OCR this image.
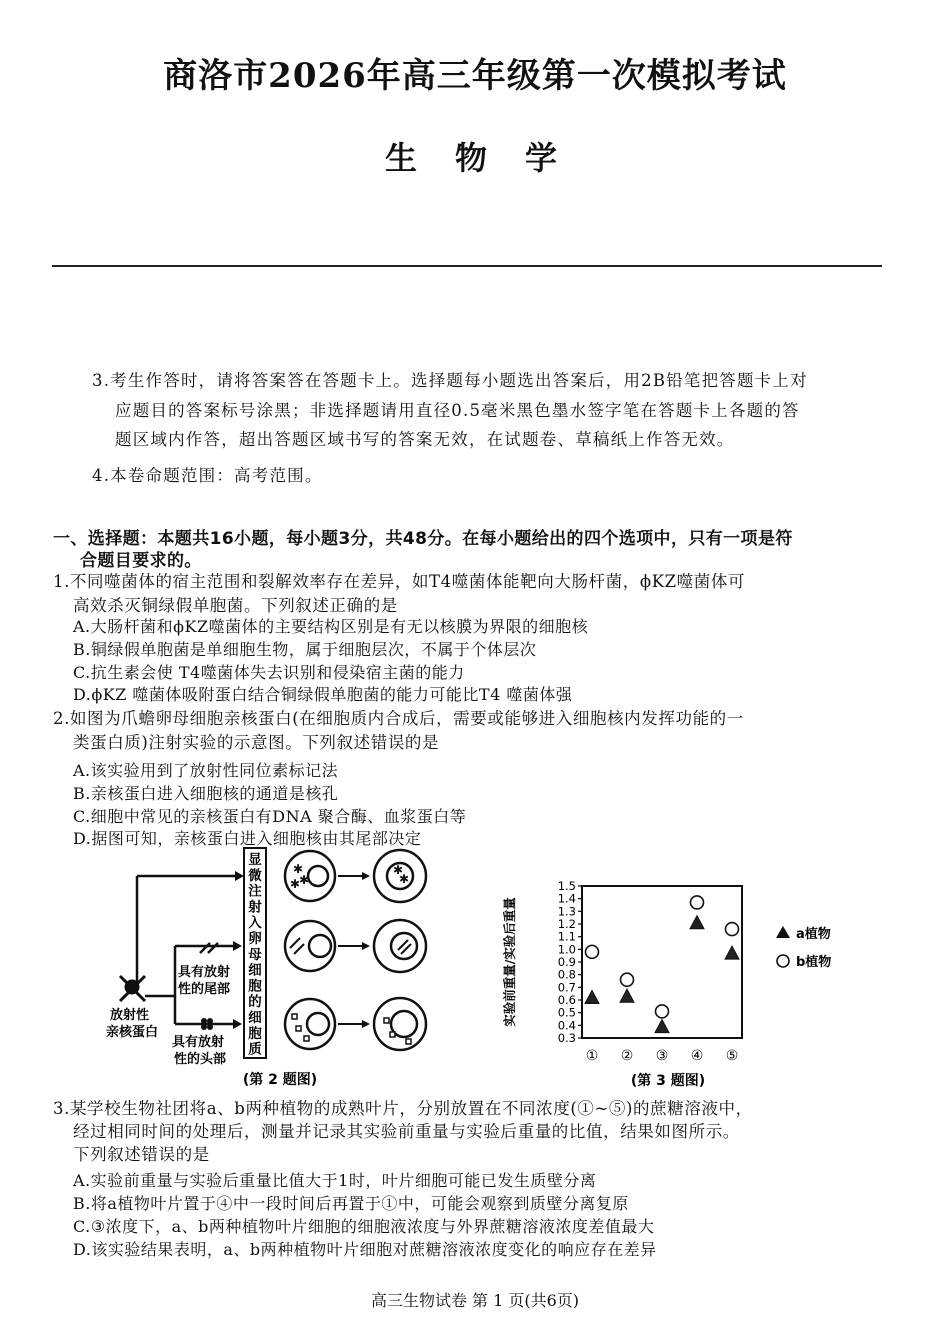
商洛市2026年高三年级第一次模拟考试
生物学
3.考生作答时，请将答案答在答题卡上。选择题每小题选出答案后，用2B铅笔把答题卡上对
应题目的答案标号涂黑；非选择题请用直径0.5毫米黑色墨水签字笔在答题卡上各题的答
题区域内作答，超出答题区域书写的答案无效，在试题卷、草稿纸上作答无效。
4.本卷命题范围：高考范围。
一、选择题：本题共16小题，每小题3分，共48分。在每小题给出的四个选项中，只有一项是符
合题目要求的。
1.不同噬菌体的宿主范围和裂解效率存在差异，如T4噬菌体能靶向大肠杆菌，ϕKZ噬菌体可
高效杀灭铜绿假单胞菌。下列叙述正确的是
A.大肠杆菌和ϕKZ噬菌体的主要结构区别是有无以核膜为界限的细胞核
B.铜绿假单胞菌是单细胞生物，属于细胞层次，不属于个体层次
C.抗生素会使 T4噬菌体失去识别和侵染宿主菌的能力
D.ϕKZ 噬菌体吸附蛋白结合铜绿假单胞菌的能力可能比T4 噬菌体强
2.如图为爪蟾卵母细胞亲核蛋白(在细胞质内合成后，需要或能够进入细胞核内发挥功能的一
类蛋白质)注射实验的示意图。下列叙述错误的是
A.该实验用到了放射性同位素标记法
B.亲核蛋白进入细胞核的通道是核孔
C.细胞中常见的亲核蛋白有DNA 聚合酶、血浆蛋白等
D.据图可知，亲核蛋白进入细胞核由其尾部决定
放射性
亲核蛋白
具有放射
性的尾部
具有放射
性的头部
显微注射入卵母细胞的细胞质
✱
✱
✱
✱
✱
(第 2 题图)
实验前重量/实验后重量
0.3
0.4
0.5
0.6
0.7
0.8
0.9
1.0
1.1
1.2
1.3
1.4
1.5
① ② ③ ④ ⑤
a植物
b植物
(第 3 题图)
3.某学校生物社团将a、b两种植物的成熟叶片，分别放置在不同浓度(①~⑤)的蔗糖溶液中，
经过相同时间的处理后，测量并记录其实验前重量与实验后重量的比值，结果如图所示。
下列叙述错误的是
A.实验前重量与实验后重量比值大于1时，叶片细胞可能已发生质壁分离
B.将a植物叶片置于④中一段时间后再置于①中，可能会观察到质壁分离复原
C.③浓度下，a、b两种植物叶片细胞的细胞液浓度与外界蔗糖溶液浓度差值最大
D.该实验结果表明，a、b两种植物叶片细胞对蔗糖溶液浓度变化的响应存在差异
高三生物试卷 第 1 页(共6页)
